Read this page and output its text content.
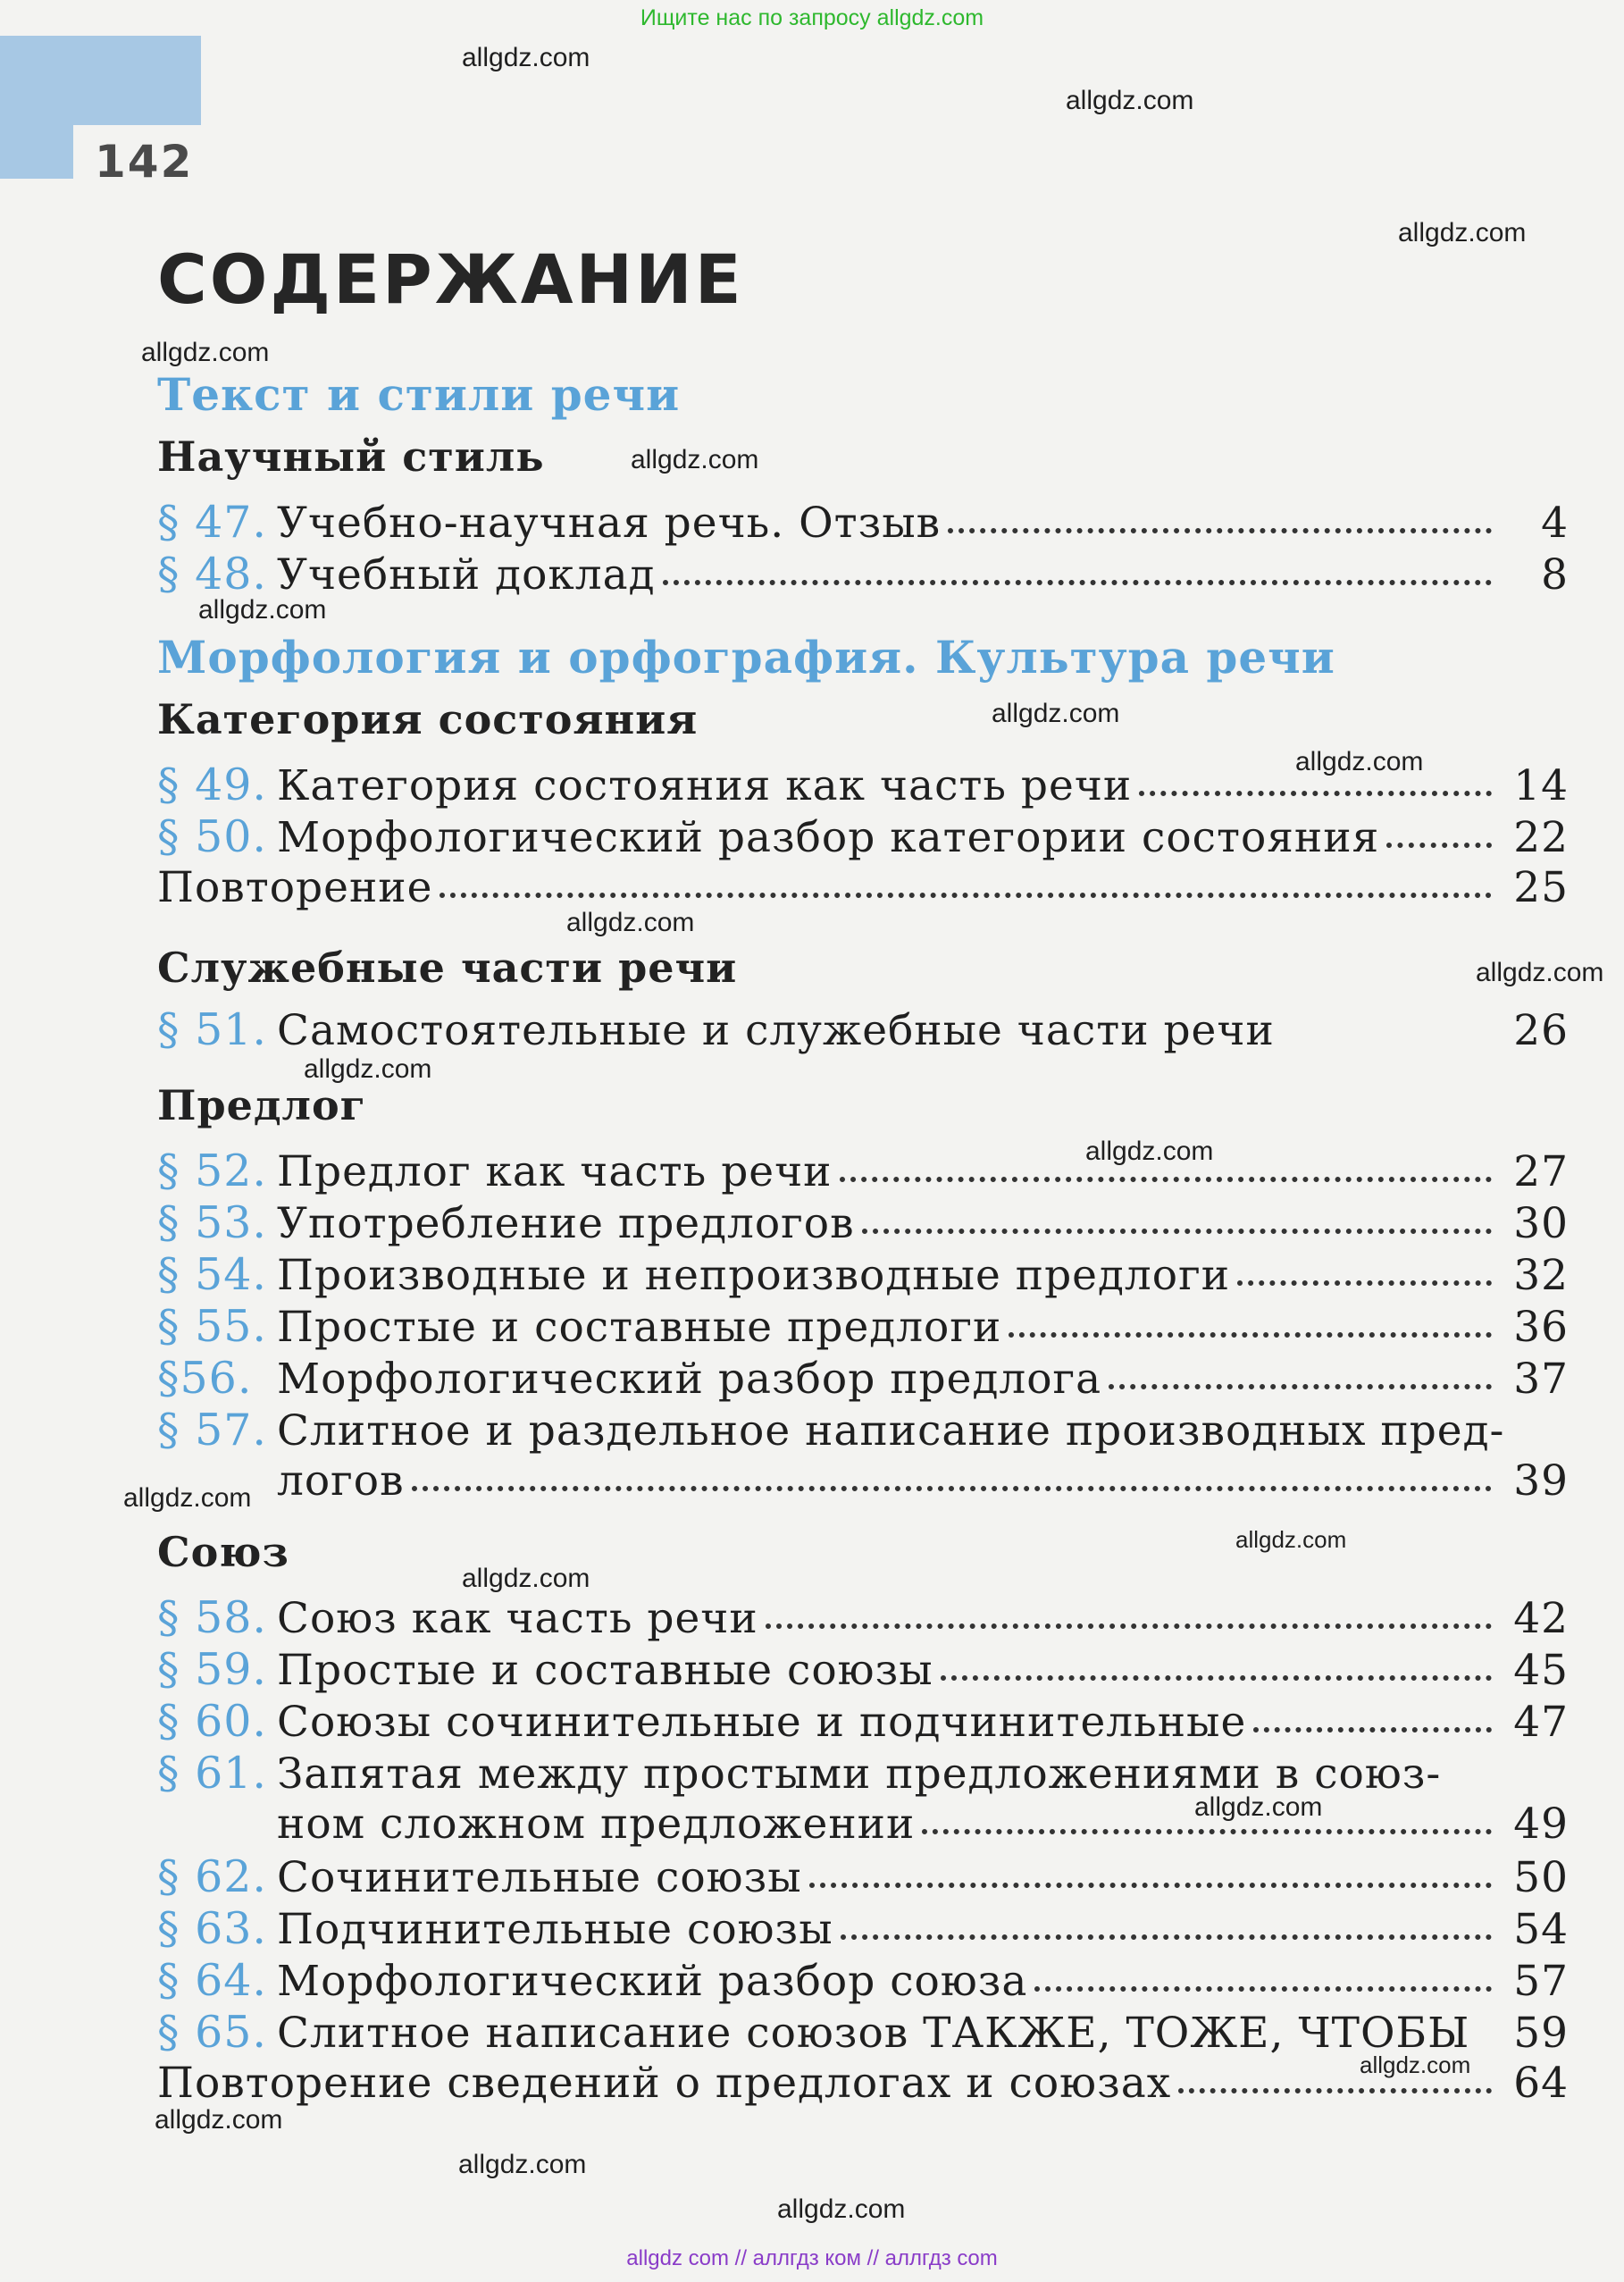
Ищите нас по запросу allgdz.com
142
СОДЕРЖАНИЕ
Текст и стили речи
Научный стиль
§ 47. Учебно-научная речь. Отзыв	4
§ 48. Учебный доклад	8
Морфология и орфография. Культура речи
Категория состояния
§ 49. Категория состояния как часть речи	14
§ 50. Морфологический разбор категории состояния	22
Повторение	25
Служебные части речи
§ 51. Самостоятельные и служебные части речи	26
Предлог
§ 52. Предлог как часть речи	27
§ 53. Употребление предлогов	30
§ 54. Производные и непроизводные предлоги	32
§ 55. Простые и составные предлоги	36
§56. Морфологический разбор предлога	37
§ 57. Слитное и раздельное написание производных пред-
логов	39
Союз
§ 58. Союз как часть речи	42
§ 59. Простые и составные союзы	45
§ 60. Союзы сочинительные и подчинительные	47
§ 61. Запятая между простыми предложениями в союз-
ном сложном предложении	49
§ 62. Сочинительные союзы	50
§ 63. Подчинительные союзы	54
§ 64. Морфологический разбор союза	57
§ 65. Слитное написание союзов ТАКЖЕ, ТОЖЕ, ЧТОБЫ	59
Повторение сведений о предлогах и союзах	64
allgdz.com
allgdz.com
allgdz.com
allgdz.com
allgdz.com
allgdz.com
allgdz.com
allgdz.com
allgdz.com
allgdz.com
allgdz.com
allgdz.com
allgdz.com
allgdz.com
allgdz.com
allgdz.com
allgdz.com
allgdz.com
allgdz.com
allgdz.com
allgdz com // аллгдз ком // аллгдз com
